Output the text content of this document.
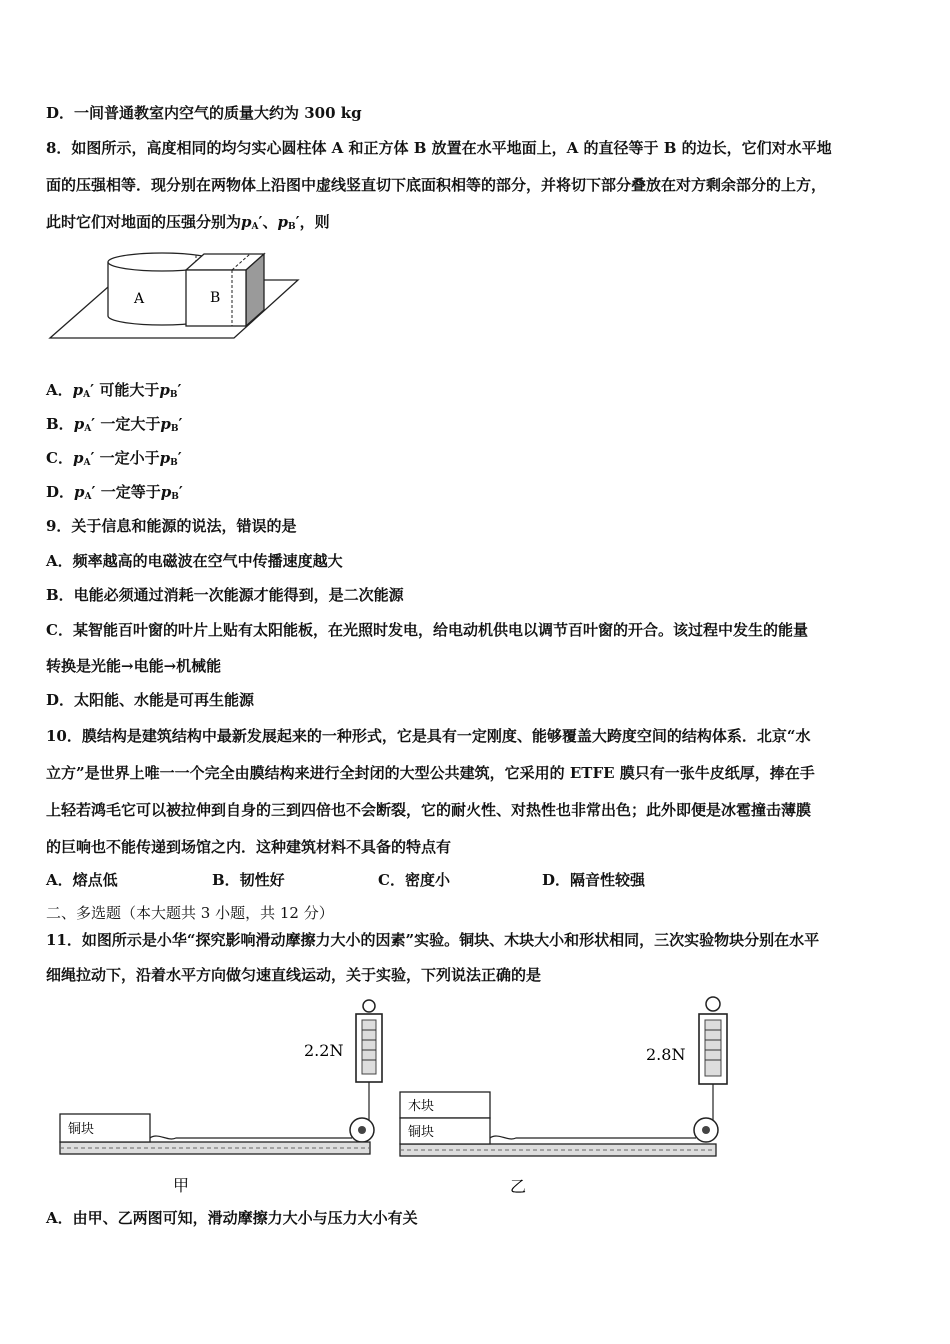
D．一间普通教室内空气的质量大约为 300 kg
8．如图所示，高度相同的均匀实心圆柱体 A 和正方体 B 放置在水平地面上，A 的直径等于 B 的边长，它们对水平地
面的压强相等．现分别在两物体上沿图中虚线竖直切下底面积相等的部分，并将切下部分叠放在对方剩余部分的上方，
此时它们对地面的压强分别为$p_A'$、$p_B'$，则
A	B
A．$p_A'$ 可能大于$p_B'$
B．$p_A'$ 一定大于$p_B'$
C．$p_A'$ 一定小于$p_B'$
D．$p_A'$ 一定等于$p_B'$
9．关于信息和能源的说法，错误的是
A．频率越高的电磁波在空气中传播速度越大
B．电能必须通过消耗一次能源才能得到，是二次能源
C．某智能百叶窗的叶片上贴有太阳能板，在光照时发电，给电动机供电以调节百叶窗的开合。该过程中发生的能量
转换是光能→电能→机械能
D．太阳能、水能是可再生能源
10．膜结构是建筑结构中最新发展起来的一种形式，它是具有一定刚度、能够覆盖大跨度空间的结构体系．北京“水
立方”是世界上唯一一个完全由膜结构来进行全封闭的大型公共建筑，它采用的 ETFE 膜只有一张牛皮纸厚，捧在手
上轻若鸿毛它可以被拉伸到自身的三到四倍也不会断裂，它的耐火性、对热性也非常出色；此外即便是冰雹撞击薄膜
的巨响也不能传递到场馆之内．这种建筑材料不具备的特点有
A．熔点低	B．韧性好	C．密度小	D．隔音性较强
二、多选题（本大题共 3 小题，共 12 分）
11．如图所示是小华“探究影响滑动摩擦力大小的因素”实验。铜块、木块大小和形状相同，三次实验物块分别在水平
细绳拉动下，沿着水平方向做匀速直线运动，关于实验，下列说法正确的是
2.2N
铜块
甲
2.8N
木块
铜块
乙
A．由甲、乙两图可知，滑动摩擦力大小与压力大小有关
